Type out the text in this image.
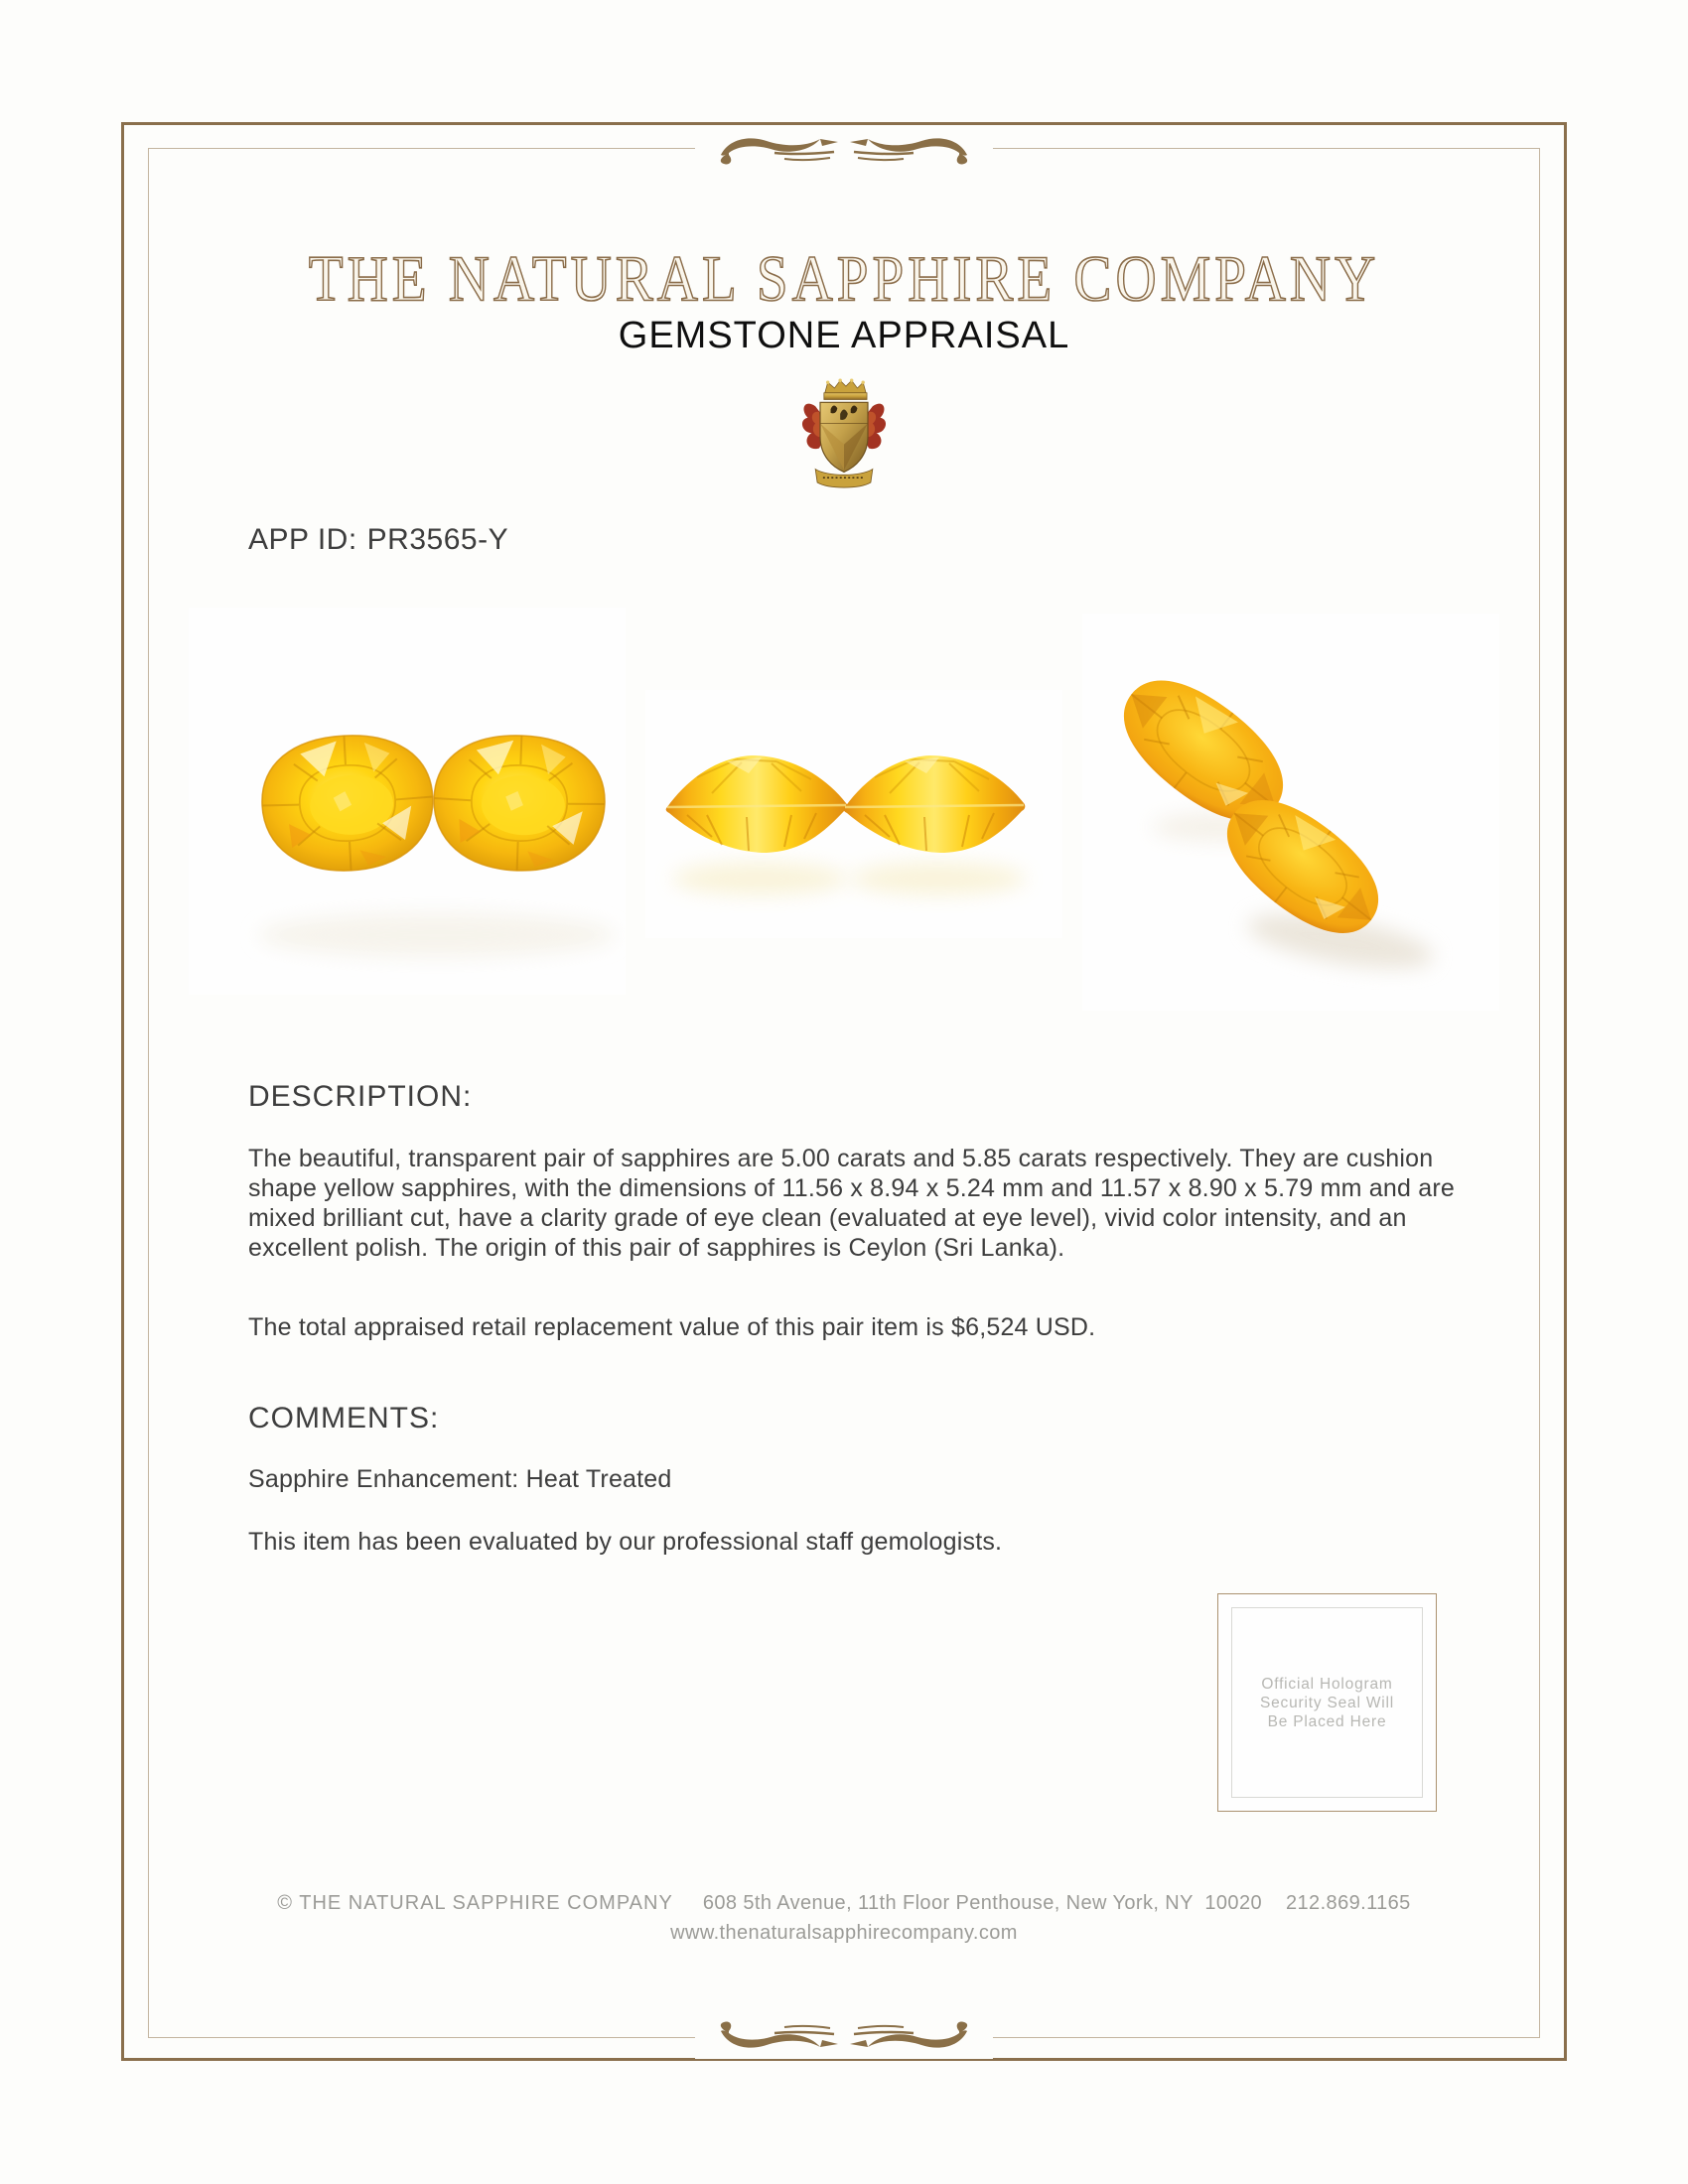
THE NATURAL SAPPHIRE COMPANY
GEMSTONE APPRAISAL
APP ID: PR3565-Y
DESCRIPTION:
The beautiful, transparent pair of sapphires are 5.00 carats and 5.85 carats respectively. They are cushion shape yellow sapphires, with the dimensions of 11.56 x 8.94 x 5.24 mm and 11.57 x 8.90 x 5.79 mm and are mixed brilliant cut, have a clarity grade of eye clean (evaluated at eye level), vivid color intensity, and an excellent polish. The origin of this pair of sapphires is Ceylon (Sri Lanka).
The total appraised retail replacement value of this pair item is $6,524 USD.
COMMENTS:
Sapphire Enhancement: Heat Treated
This item has been evaluated by our professional staff gemologists.
Official Hologram
Security Seal Will
Be Placed Here
© THE NATURAL SAPPHIRE COMPANY 608 5th Avenue, 11th Floor Penthouse, New York, NY  10020 212.869.1165
www.thenaturalsapphirecompany.com
